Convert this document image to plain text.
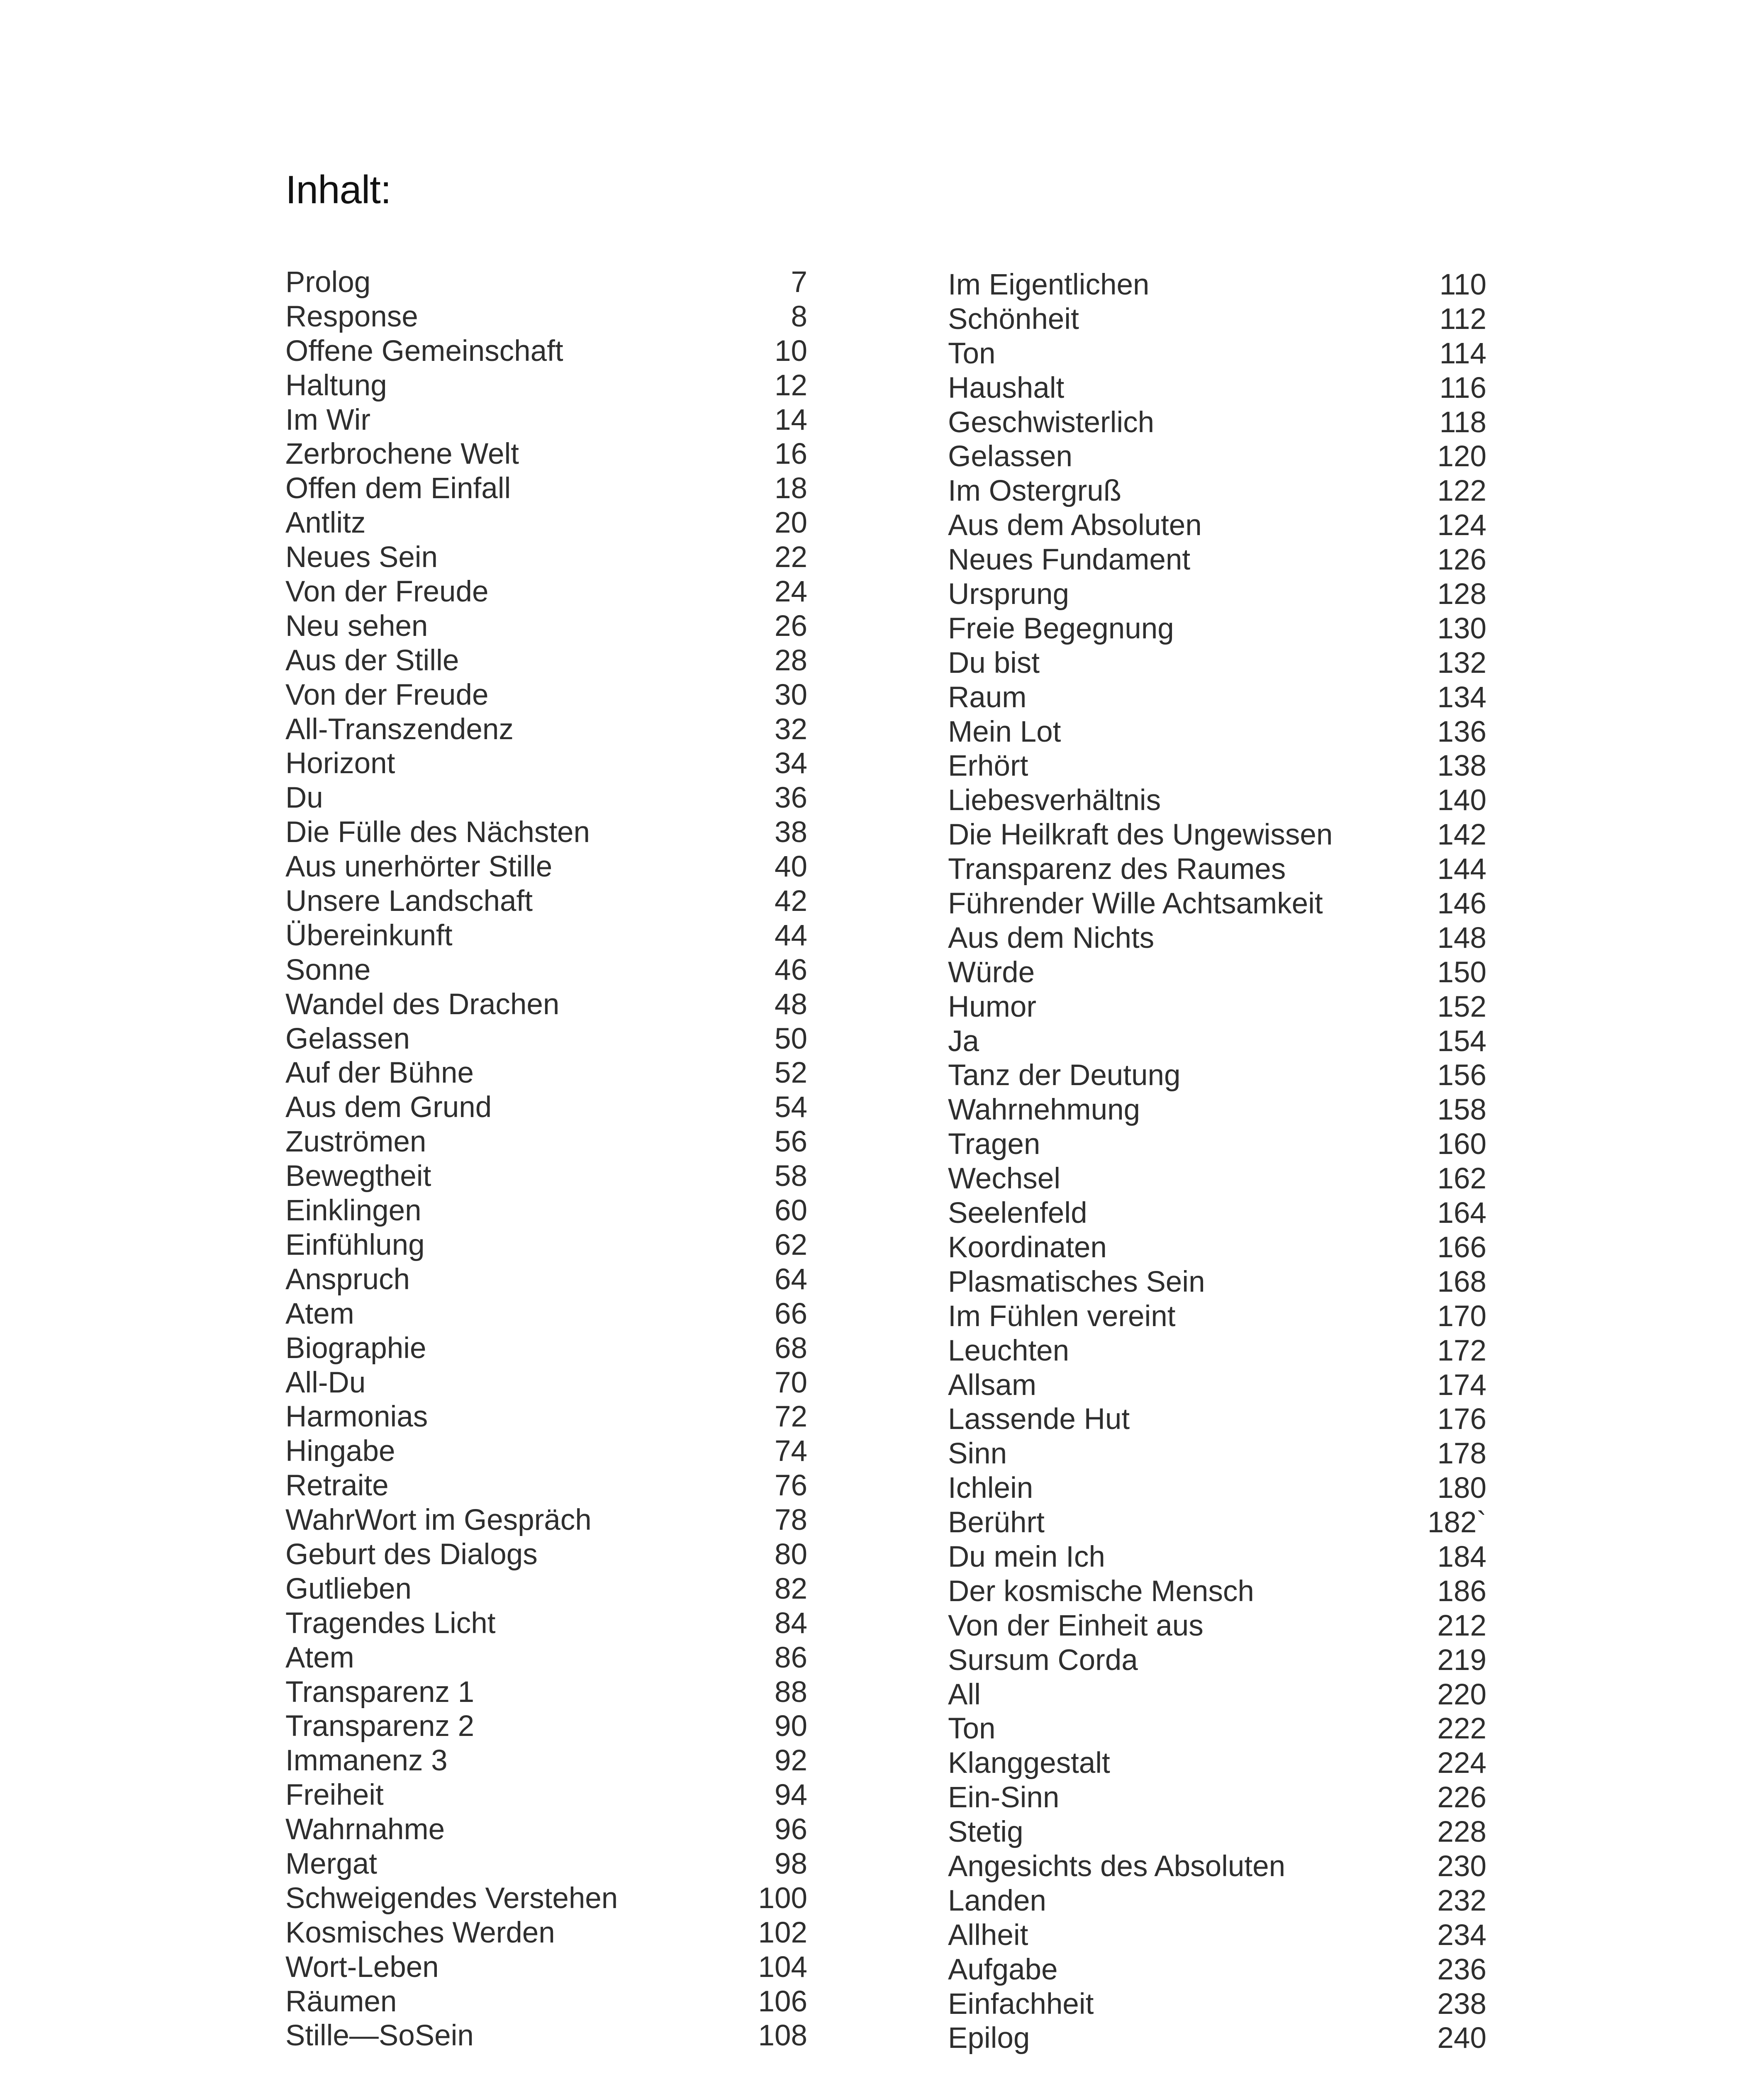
Inhalt:
Prolog	7
Response	8
Offene Gemeinschaft	10
Haltung	12
Im Wir	14
Zerbrochene Welt	16
Offen dem Einfall	18
Antlitz	20
Neues Sein	22
Von der Freude	24
Neu sehen	26
Aus der Stille	28
Von der Freude	30
All-Transzendenz	32
Horizont	34
Du	36
Die Fülle des Nächsten	38
Aus unerhörter Stille	40
Unsere Landschaft	42
Übereinkunft	44
Sonne	46
Wandel des Drachen	48
Gelassen	50
Auf der Bühne	52
Aus dem Grund	54
Zuströmen	56
Bewegtheit	58
Einklingen	60
Einfühlung	62
Anspruch	64
Atem	66
Biographie	68
All-Du	70
Harmonias	72
Hingabe	74
Retraite	76
WahrWort im Gespräch	78
Geburt des Dialogs	80
Gutlieben	82
Tragendes Licht	84
Atem	86
Transparenz 1	88
Transparenz 2	90
Immanenz 3	92
Freiheit	94
Wahrnahme	96
Mergat	98
Schweigendes Verstehen	100
Kosmisches Werden	102
Wort-Leben	104
Räumen	106
Stille—SoSein	108
Im Eigentlichen	110
Schönheit	112
Ton	114
Haushalt	116
Geschwisterlich	118
Gelassen	120
Im Ostergruß	122
Aus dem Absoluten	124
Neues Fundament	126
Ursprung	128
Freie Begegnung	130
Du bist	132
Raum	134
Mein Lot	136
Erhört	138
Liebesverhältnis	140
Die Heilkraft des Ungewissen	142
Transparenz des Raumes	144
Führender Wille Achtsamkeit	146
Aus dem Nichts	148
Würde	150
Humor	152
Ja	154
Tanz der Deutung	156
Wahrnehmung	158
Tragen	160
Wechsel	162
Seelenfeld	164
Koordinaten	166
Plasmatisches Sein	168
Im Fühlen vereint	170
Leuchten	172
Allsam	174
Lassende Hut	176
Sinn	178
Ichlein	180
Berührt	182`
Du mein Ich	184
Der kosmische Mensch	186
Von der Einheit aus	212
Sursum Corda	219
All	220
Ton	222
Klanggestalt	224
Ein-Sinn	226
Stetig	228
Angesichts des Absoluten	230
Landen	232
Allheit	234
Aufgabe	236
Einfachheit	238
Epilog	240
